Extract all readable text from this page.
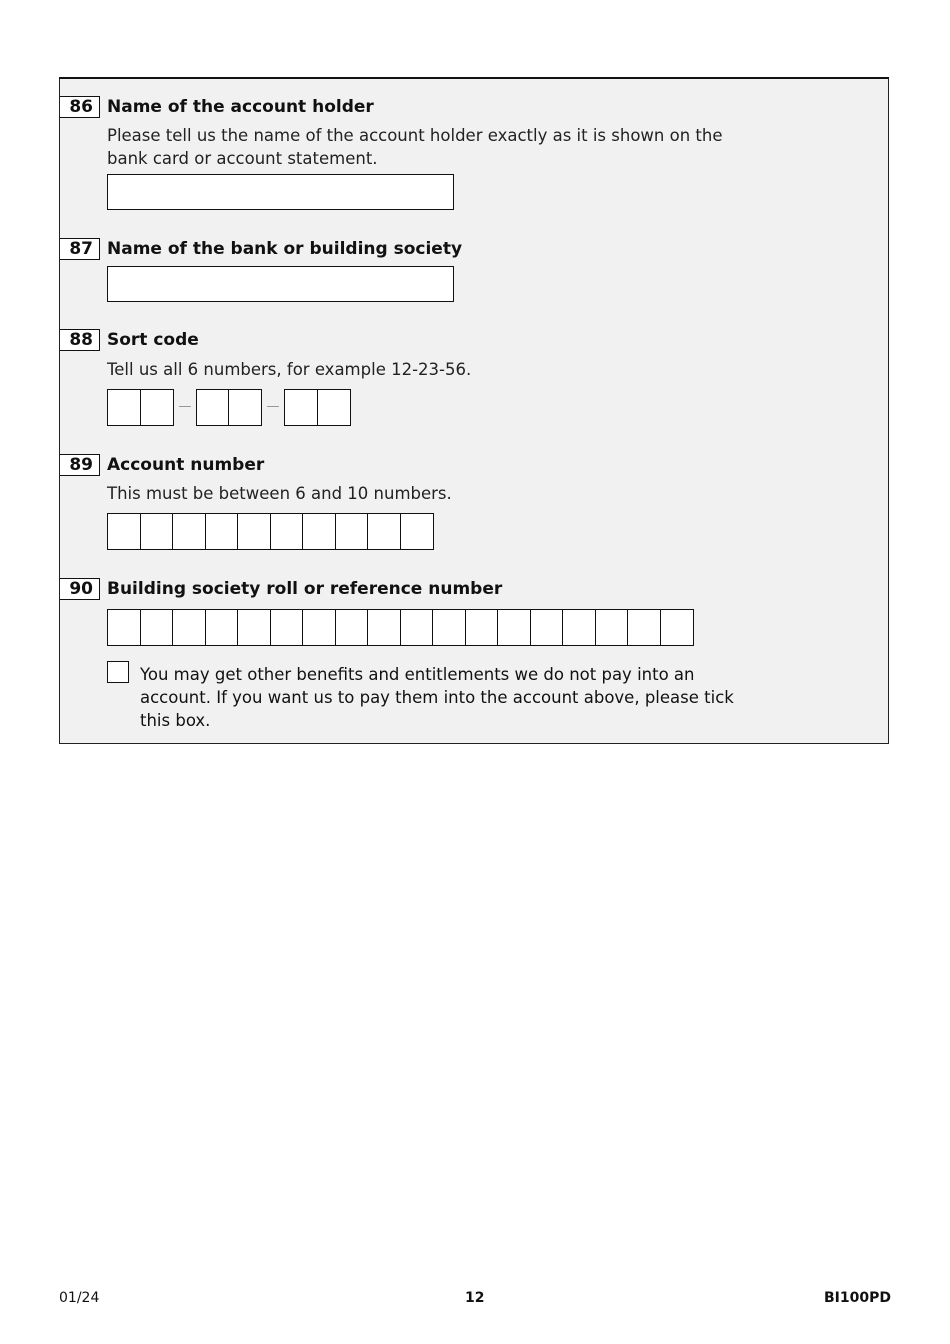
86 Name of the account holder
Please tell us the name of the account holder exactly as it is shown on the bank card or account statement.
87 Name of the bank or building society
88 Sort code
Tell us all 6 numbers, for example 12-23-56.
89 Account number
This must be between 6 and 10 numbers.
90 Building society roll or reference number
You may get other benefits and entitlements we do not pay into an account. If you want us to pay them into the account above, please tick this box.
01/24	12	BI100PD
